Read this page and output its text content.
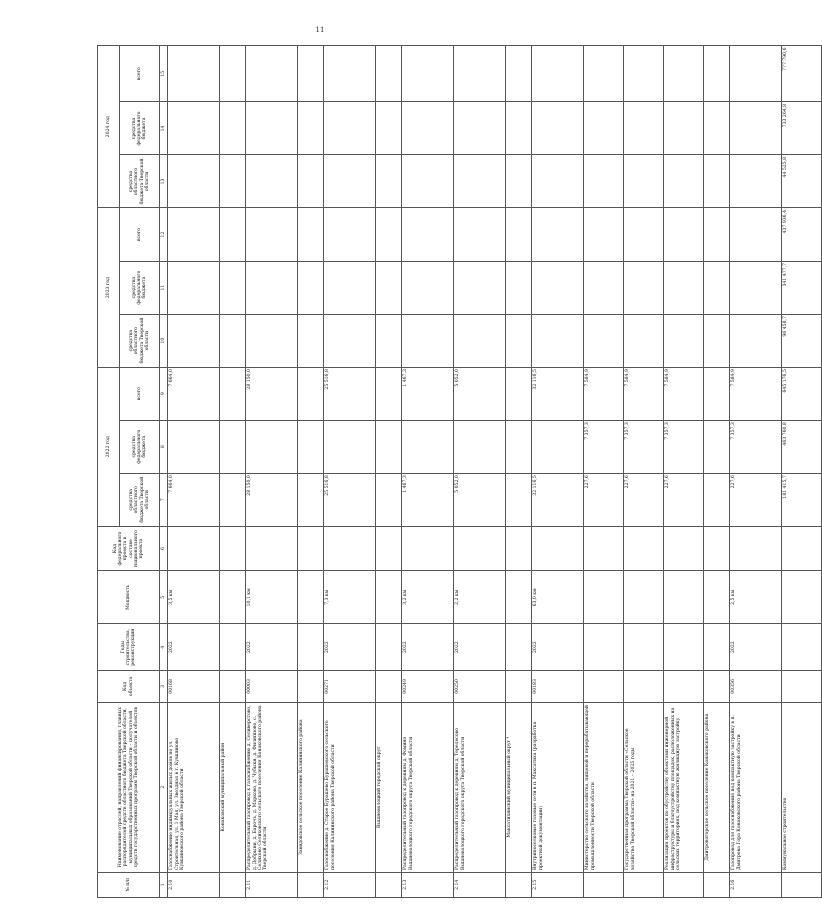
11
№ п/п	Наименование отраслей, направлений финансирования, главных распорядителей средств областного бюджета Тверской области, муниципальных образований Тверской области – получателей средств государственных программ Тверской области и объектов	Код объекта	Годы строительства, реконструкции	Мощность	Код федерального проекта в составе национального проекта	2022 год			2023 год			2024 год		
						средства областного бюджета Тверской области	средства федерального бюджета	всего	средства областного бюджета Тверской области	средства федерального бюджета	всего	средства областного бюджета Тверской области	средства федерального бюджета	всего
1	2	3	4	5	6	7	8	9	10	11	12	13	14	15
2.10	Газоснабжение индивидуальных жилых домов по ул. Строительная, ул. 1 Мая, ул. Звездная в г. Кувшиново Кувшиновского района Тверской области	00168	2022	3,5 км		7 664,0		7 664,0						
	Конаковский муниципальный район													
2.11	Распределительный газопровод к газоснабжению д. Селиверстово, д. Добрыни, д. Барочъ, д. Марково, д. Чубыки, д. Филиппово, с. Селихово Селиховского сельского поселения Конаковского района Тверской области	00003	2022	10,1 км		28 150,0		28 150,0						
	Завидовское сельское поселение Калининского района													
2.12	Газоснабжение д. Старое Бурашево Бурашевского сельского поселения Калининского района Тверской области	00271	2022	7,3 км		25 516,8		25 516,8						
	Вышневолоцкий городской округ													
2.13	Распределительный газопровод к деревням д. Фомино Вышневолоцкого городского округа Тверской области	00249	2022	3,2 км		1 467,3		1 467,3						
2.14	Распределительный газопровод к деревням д. Терелесово Вышневолоцкого городского округа Тверской области	00250	2022	2,2 км		5 052,0		5 052,0						
	Максатихинский муниципальный округ ⁴													
2.15	Внутрипоселковые газовые сети в п. Максатиха (разработка проектной документации)	00183	2022	63,0 км		32 116,5		32 116,5						
	Министерство сельского хозяйства, пищевой и перерабатывающей промышленности Тверской области					227,6	7 357,3	7 584,9						
	Государственная программа Тверской области «Сельское хозяйство Тверской области» на 2021 – 2025 годы					227,6	7 357,3	7 584,9						
	Реализация проектов по обустройству объектами инженерной инфраструктуры и благоустройству площадок, расположенных на сельских территориях, под компактную жилищную застройку					227,6	7 357,3	7 584,9						
	Дмитровогорское сельское поселение Конаковского района													
2.16	Газопровод для газоснабжения под компактную застройку в п. Дмитрова Гора Конаковского района Тверской области	00356	2022	2,5 км		227,6	7 357,3	7 584,9						
	Коммунальное строительство					181 415,7	463 760,8	645 176,5	96 458,7	341 477,7	437 936,4	44 525,8	733 264,8	777 790,6
